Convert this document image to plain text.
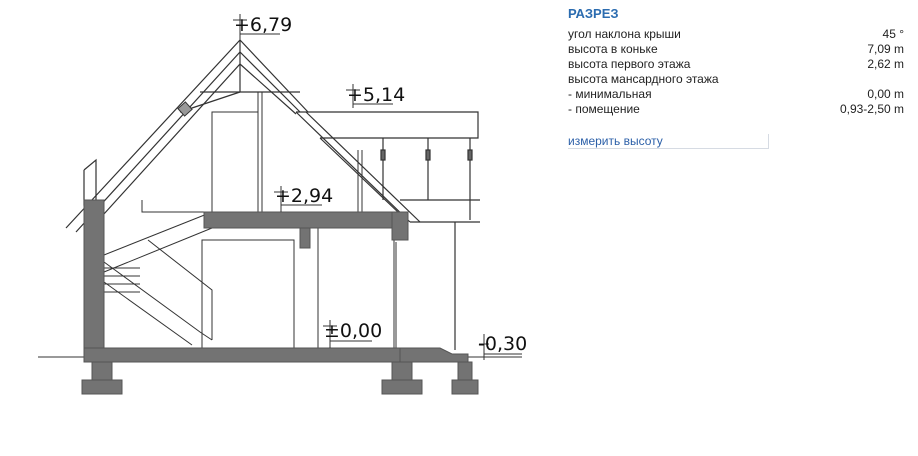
+6,79
+5,14
+2,94
±0,00
-0,30
РАЗРЕЗ
угол наклона крыши	45 °
высота в коньке	7,09 m
высота первого этажа	2,62 m
высота мансардного этажа
- минимальная	0,00 m
- помещение	0,93-2,50 m
измерить высоту
